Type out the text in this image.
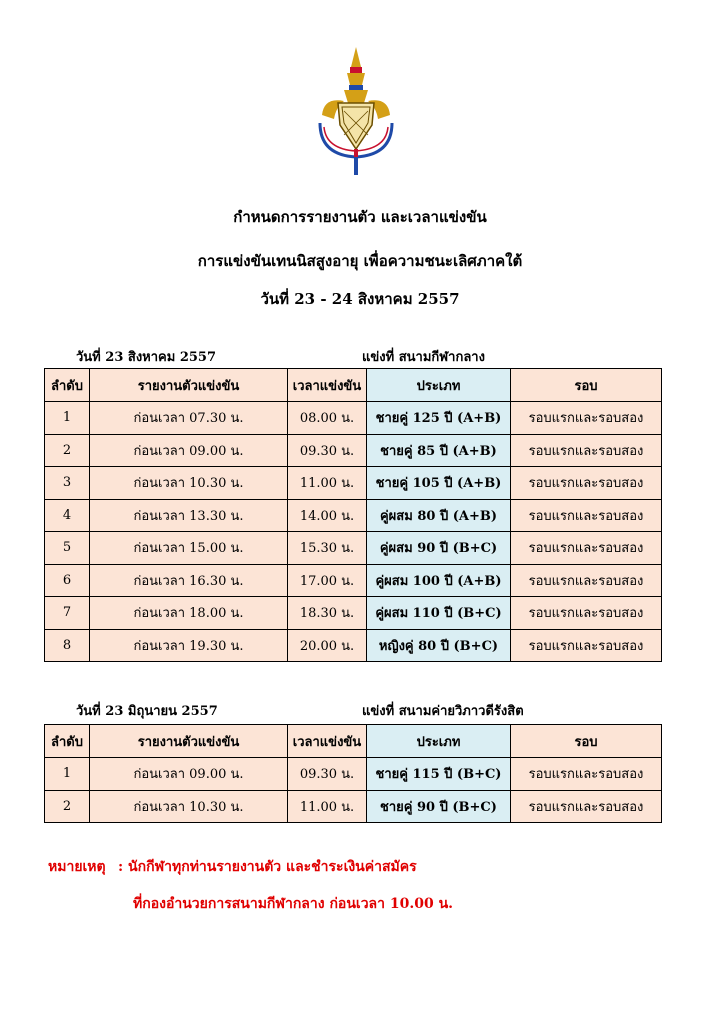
กำหนดการรายงานตัว และเวลาแข่งขัน
การแข่งขันเทนนิสสูงอายุ เพื่อความชนะเลิศภาคใต้
วันที่ 23 - 24 สิงหาคม 2557
วันที่ 23 สิงหาคม 2557	แข่งที่ สนามกีฬากลาง
ลำดับ	รายงานตัวแข่งขัน	เวลาแข่งขัน	ประเภท	รอบ
1	ก่อนเวลา 07.30 น.	08.00 น.	ชายคู่ 125 ปี (A+B)	รอบแรกและรอบสอง
2	ก่อนเวลา 09.00 น.	09.30 น.	ชายคู่ 85 ปี (A+B)	รอบแรกและรอบสอง
3	ก่อนเวลา 10.30 น.	11.00 น.	ชายคู่ 105 ปี (A+B)	รอบแรกและรอบสอง
4	ก่อนเวลา 13.30 น.	14.00 น.	คู่ผสม 80 ปี (A+B)	รอบแรกและรอบสอง
5	ก่อนเวลา 15.00 น.	15.30 น.	คู่ผสม 90 ปี (B+C)	รอบแรกและรอบสอง
6	ก่อนเวลา 16.30 น.	17.00 น.	คู่ผสม 100 ปี (A+B)	รอบแรกและรอบสอง
7	ก่อนเวลา 18.00 น.	18.30 น.	คู่ผสม 110 ปี (B+C)	รอบแรกและรอบสอง
8	ก่อนเวลา 19.30 น.	20.00 น.	หญิงคู่ 80 ปี (B+C)	รอบแรกและรอบสอง
วันที่ 23 มิถุนายน 2557	แข่งที่ สนามค่ายวิภาวดีรังสิต
ลำดับ	รายงานตัวแข่งขัน	เวลาแข่งขัน	ประเภท	รอบ
1	ก่อนเวลา 09.00 น.	09.30 น.	ชายคู่ 115 ปี (B+C)	รอบแรกและรอบสอง
2	ก่อนเวลา 10.30 น.	11.00 น.	ชายคู่ 90 ปี (B+C)	รอบแรกและรอบสอง
หมายเหตุ : นักกีฬาทุกท่านรายงานตัว และชำระเงินค่าสมัคร
ที่กองอำนวยการสนามกีฬากลาง ก่อนเวลา 10.00 น.
